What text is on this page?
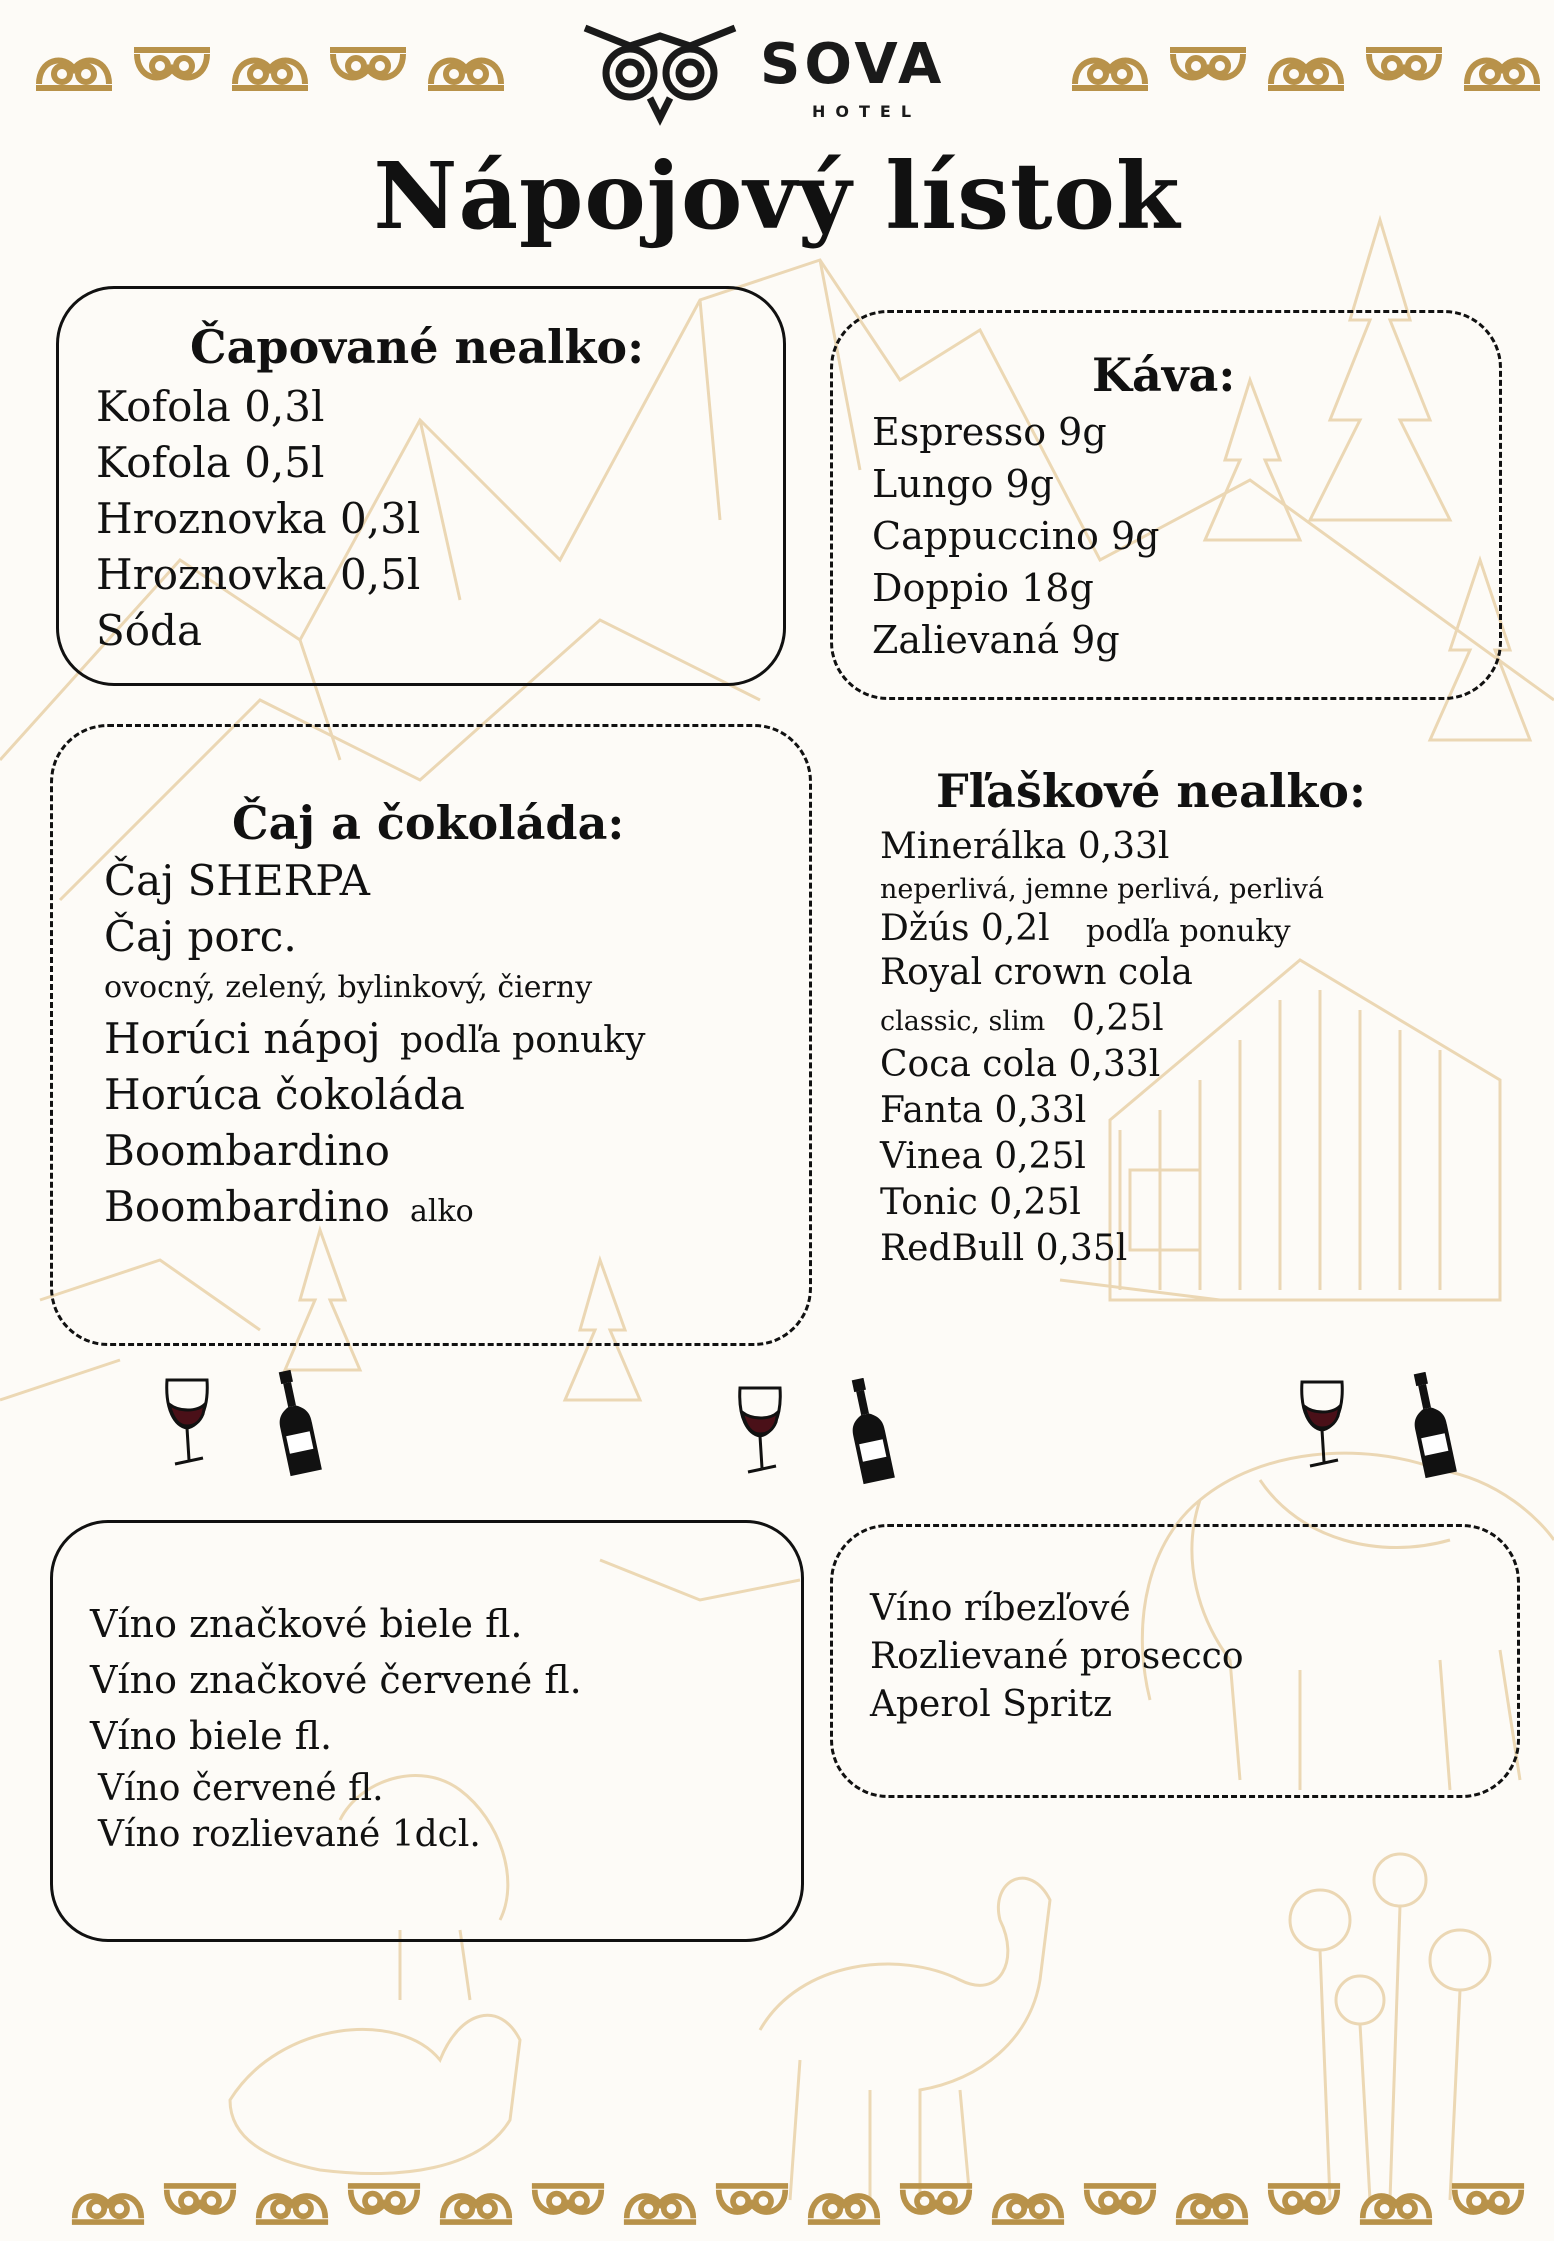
SOVA
HOTEL
Nápojový lístok
Čapované nealko:
Kofola 0,3l
Kofola 0,5l
Hroznovka 0,3l
Hroznovka 0,5l
Sóda
Káva:
Espresso 9g
Lungo 9g
Cappuccino 9g
Doppio 18g
Zalievaná 9g
Čaj a čokoláda:
Čaj SHERPA
Čaj porc.
ovocný, zelený, bylinkový, čierny
Horúci nápoj podľa ponuky
Horúca čokoláda
Boombardino
Boombardino alko
Fľaškové nealko:
Minerálka 0,33l
neperlivá, jemne perlivá, perlivá
Džús 0,2l podľa ponuky
Royal crown cola
classic, slim 0,25l
Coca cola 0,33l
Fanta 0,33l
Vinea 0,25l
Tonic 0,25l
RedBull 0,35l
Víno značkové biele fl.
Víno značkové červené fl.
Víno biele fl.
Víno červené fl.
Víno rozlievané 1dcl.
Víno ríbezľové
Rozlievané prosecco
Aperol Spritz
